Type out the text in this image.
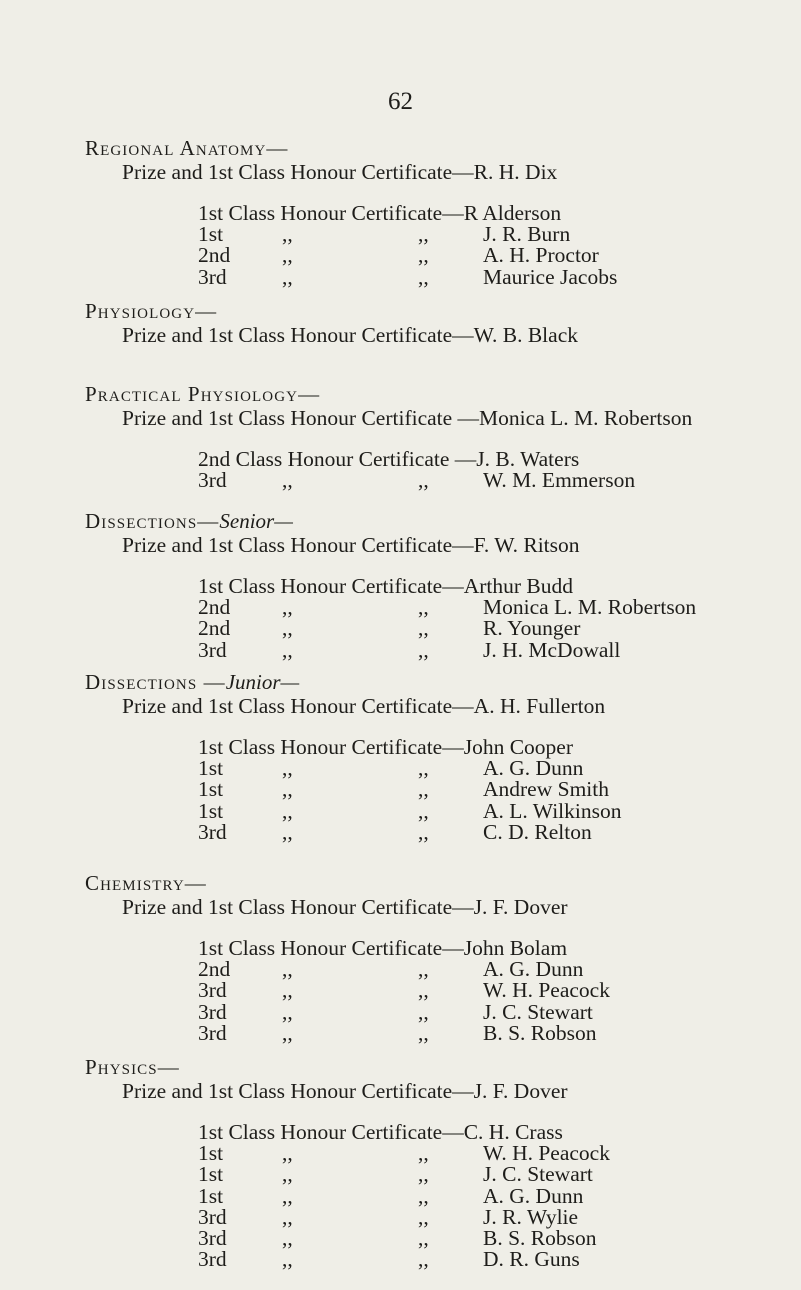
62
Regional Anatomy—
Prize and 1st Class Honour Certificate—R. H. Dix
1st Class Honour Certificate—R Alderson
1st	,,	,,	J. R. Burn
2nd ,,	,,	A. H. Proctor
3rd	,,	,,	Maurice Jacobs
Physiology—
Prize and 1st Class Honour Certificate—W. B. Black
Practical Physiology—
Prize and 1st Class Honour Certificate —Monica L. M. Robertson
2nd Class Honour Certificate —J. B. Waters
3rd	,,	,,	W. M. Emmerson
Dissections—Senior—
Prize and 1st Class Honour Certificate—F. W. Ritson
1st Class Honour Certificate—Arthur Budd
2nd ,,	,,	Monica L. M. Robertson
2nd ,,	,,	R. Younger
3rd	,,	,,	J. H. McDowall
Dissections —Junior—
Prize and 1st Class Honour Certificate—A. H. Fullerton
1st Class Honour Certificate—John Cooper
1st	,,	,,	A. G. Dunn
1st	,,	,,	Andrew Smith
1st	,,	,,	A. L. Wilkinson
3rd	,,	,,	C. D. Relton
Chemistry—
Prize and 1st Class Honour Certificate—J. F. Dover
1st Class Honour Certificate—John Bolam
2nd ,,	,,	A. G. Dunn
3rd	,,	,,	W. H. Peacock
3rd	,,	,,	J. C. Stewart
3rd	,,	,,	B. S. Robson
Physics—
Prize and 1st Class Honour Certificate—J. F. Dover
1st Class Honour Certificate—C. H. Crass
1st	,,	,,	W. H. Peacock
1st	,,	,,	J. C. Stewart
1st	,,	,,	A. G. Dunn
3rd	,,	,,	J. R. Wylie
3rd	,,	,,	B. S. Robson
3rd	,,	,,	D. R. Guns
